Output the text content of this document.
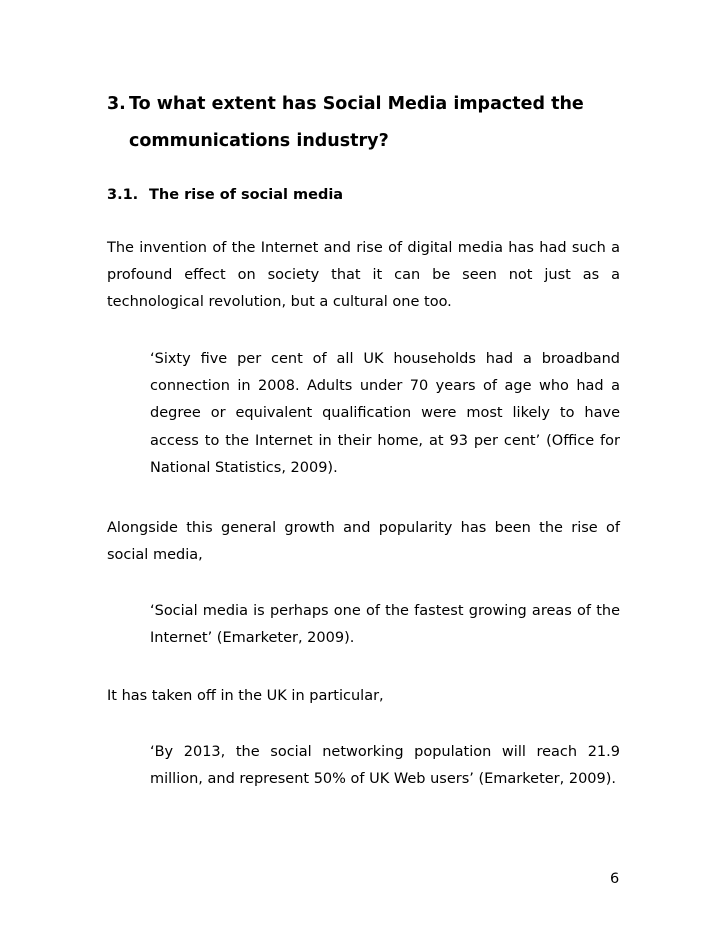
3. To what extent has Social Media impacted the
communications industry?
3.1. The rise of social media
The invention of the Internet and rise of digital media has had such a profound effect on society that it can be seen not just as a technological revolution, but a cultural one too.
‘Sixty five per cent of all UK households had a broadband connection in 2008. Adults under 70 years of age who had a degree or equivalent qualification were most likely to have access to the Internet in their home, at 93 per cent’ (Office for National Statistics, 2009).
Alongside this general growth and popularity has been the rise of social media,
‘Social media is perhaps one of the fastest growing areas of the Internet’ (Emarketer, 2009).
It has taken off in the UK in particular,
‘By 2013, the social networking population will reach 21.9 million, and represent 50% of UK Web users’ (Emarketer, 2009).
6
